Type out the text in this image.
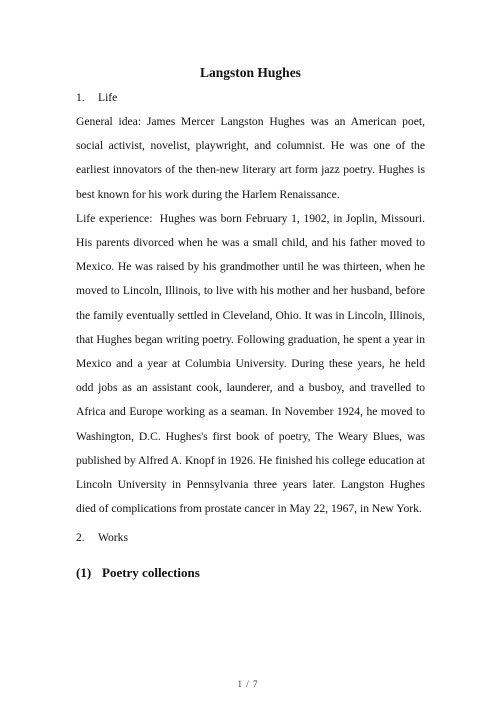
Langston Hughes
1. Life

General idea: James Mercer Langston Hughes was an American poet, social activist, novelist, playwright, and columnist. He was one of the earliest innovators of the then-new literary art form jazz poetry. Hughes is best known for his work during the Harlem Renaissance.

Life experience:  Hughes was born February 1, 1902, in Joplin, Missouri. His parents divorced when he was a small child, and his father moved to Mexico. He was raised by his grandmother until he was thirteen, when he moved to Lincoln, Illinois, to live with his mother and her husband, before the family eventually settled in Cleveland, Ohio. It was in Lincoln, Illinois, that Hughes began writing poetry. Following graduation, he spent a year in Mexico and a year at Columbia University. During these years, he held odd jobs as an assistant cook, launderer, and a busboy, and travelled to Africa and Europe working as a seaman. In November 1924, he moved to Washington, D.C. Hughes's first book of poetry, The Weary Blues, was published by Alfred A. Knopf in 1926. He finished his college education at Lincoln University in Pennsylvania three years later. Langston Hughes died of complications from prostate cancer in May 22, 1967, in New York.

2. Works
(1) Poetry collections
1 / 7
